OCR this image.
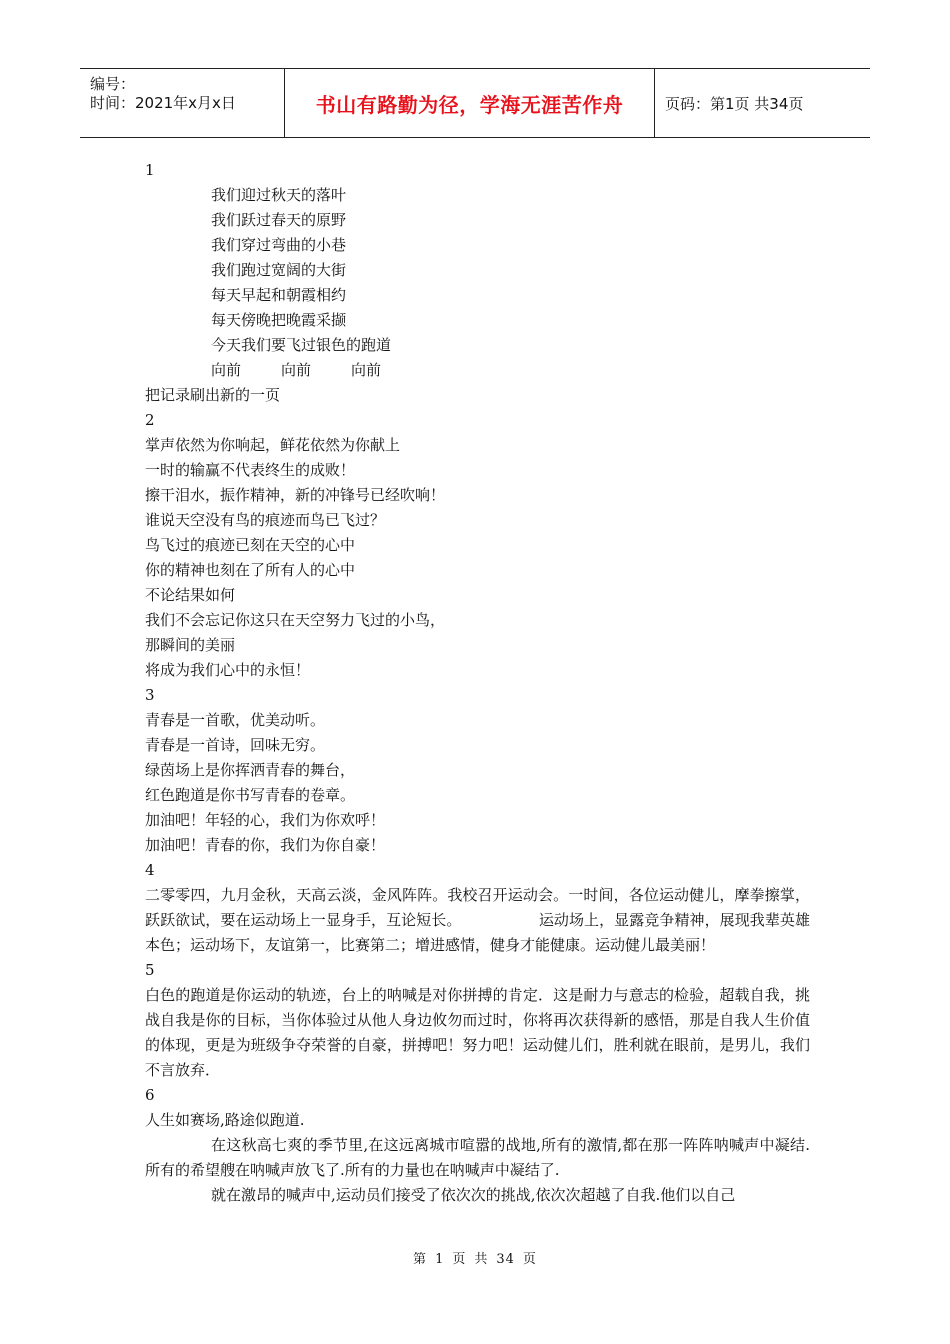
编号：
时间：2021年x月x日	书山有路勤为径，学海无涯苦作舟	页码：第1页 共34页

1

我们迎过秋天的落叶

我们跃过春天的原野

我们穿过弯曲的小巷

我们跑过宽阔的大街

每天早起和朝霞相约

每天傍晚把晚霞采撷

今天我们要飞过银色的跑道

向前	向前	向前

把记录刷出新的一页

2

掌声依然为你响起，鲜花依然为你献上

一时的输赢不代表终生的成败！

擦干泪水，振作精神，新的冲锋号已经吹响！

谁说天空没有鸟的痕迹而鸟已飞过？

鸟飞过的痕迹已刻在天空的心中

你的精神也刻在了所有人的心中

不论结果如何

我们不会忘记你这只在天空努力飞过的小鸟，

那瞬间的美丽

将成为我们心中的永恒！

3

青春是一首歌，优美动听。

青春是一首诗，回味无穷。

绿茵场上是你挥洒青春的舞台，

红色跑道是你书写青春的卷章。

加油吧！年轻的心，我们为你欢呼！

加油吧！青春的你，我们为你自豪！

4

二零零四，九月金秋，天高云淡，金风阵阵。我校召开运动会。一时间，各位运动健儿，摩拳擦掌，跃跃欲试，要在运动场上一显身手，互论短长。                运动场上，显露竞争精神，展现我辈英雄本色；运动场下，友谊第一，比赛第二；增进感情，健身才能健康。运动健儿最美丽！

5

白色的跑道是你运动的轨迹，台上的呐喊是对你拼搏的肯定．这是耐力与意志的检验，超载自我，挑战自我是你的目标，当你体验过从他人身边攸勿而过时，你将再次获得新的感悟，那是自我人生价值的体现，更是为班级争夺荣誉的自豪，拼搏吧！努力吧！运动健儿们，胜利就在眼前，是男儿，我们不言放弃．

6

人生如赛场,路途似跑道.

在这秋高七爽的季节里,在这远离城市喧嚣的战地,所有的激情,都在那一阵阵呐喊声中凝结.所有的希望艘在呐喊声放飞了.所有的力量也在呐喊声中凝结了.

就在激昂的喊声中,运动员们接受了依次次的挑战,依次次超越了自我.他们以自己

第 1 页 共 34 页
